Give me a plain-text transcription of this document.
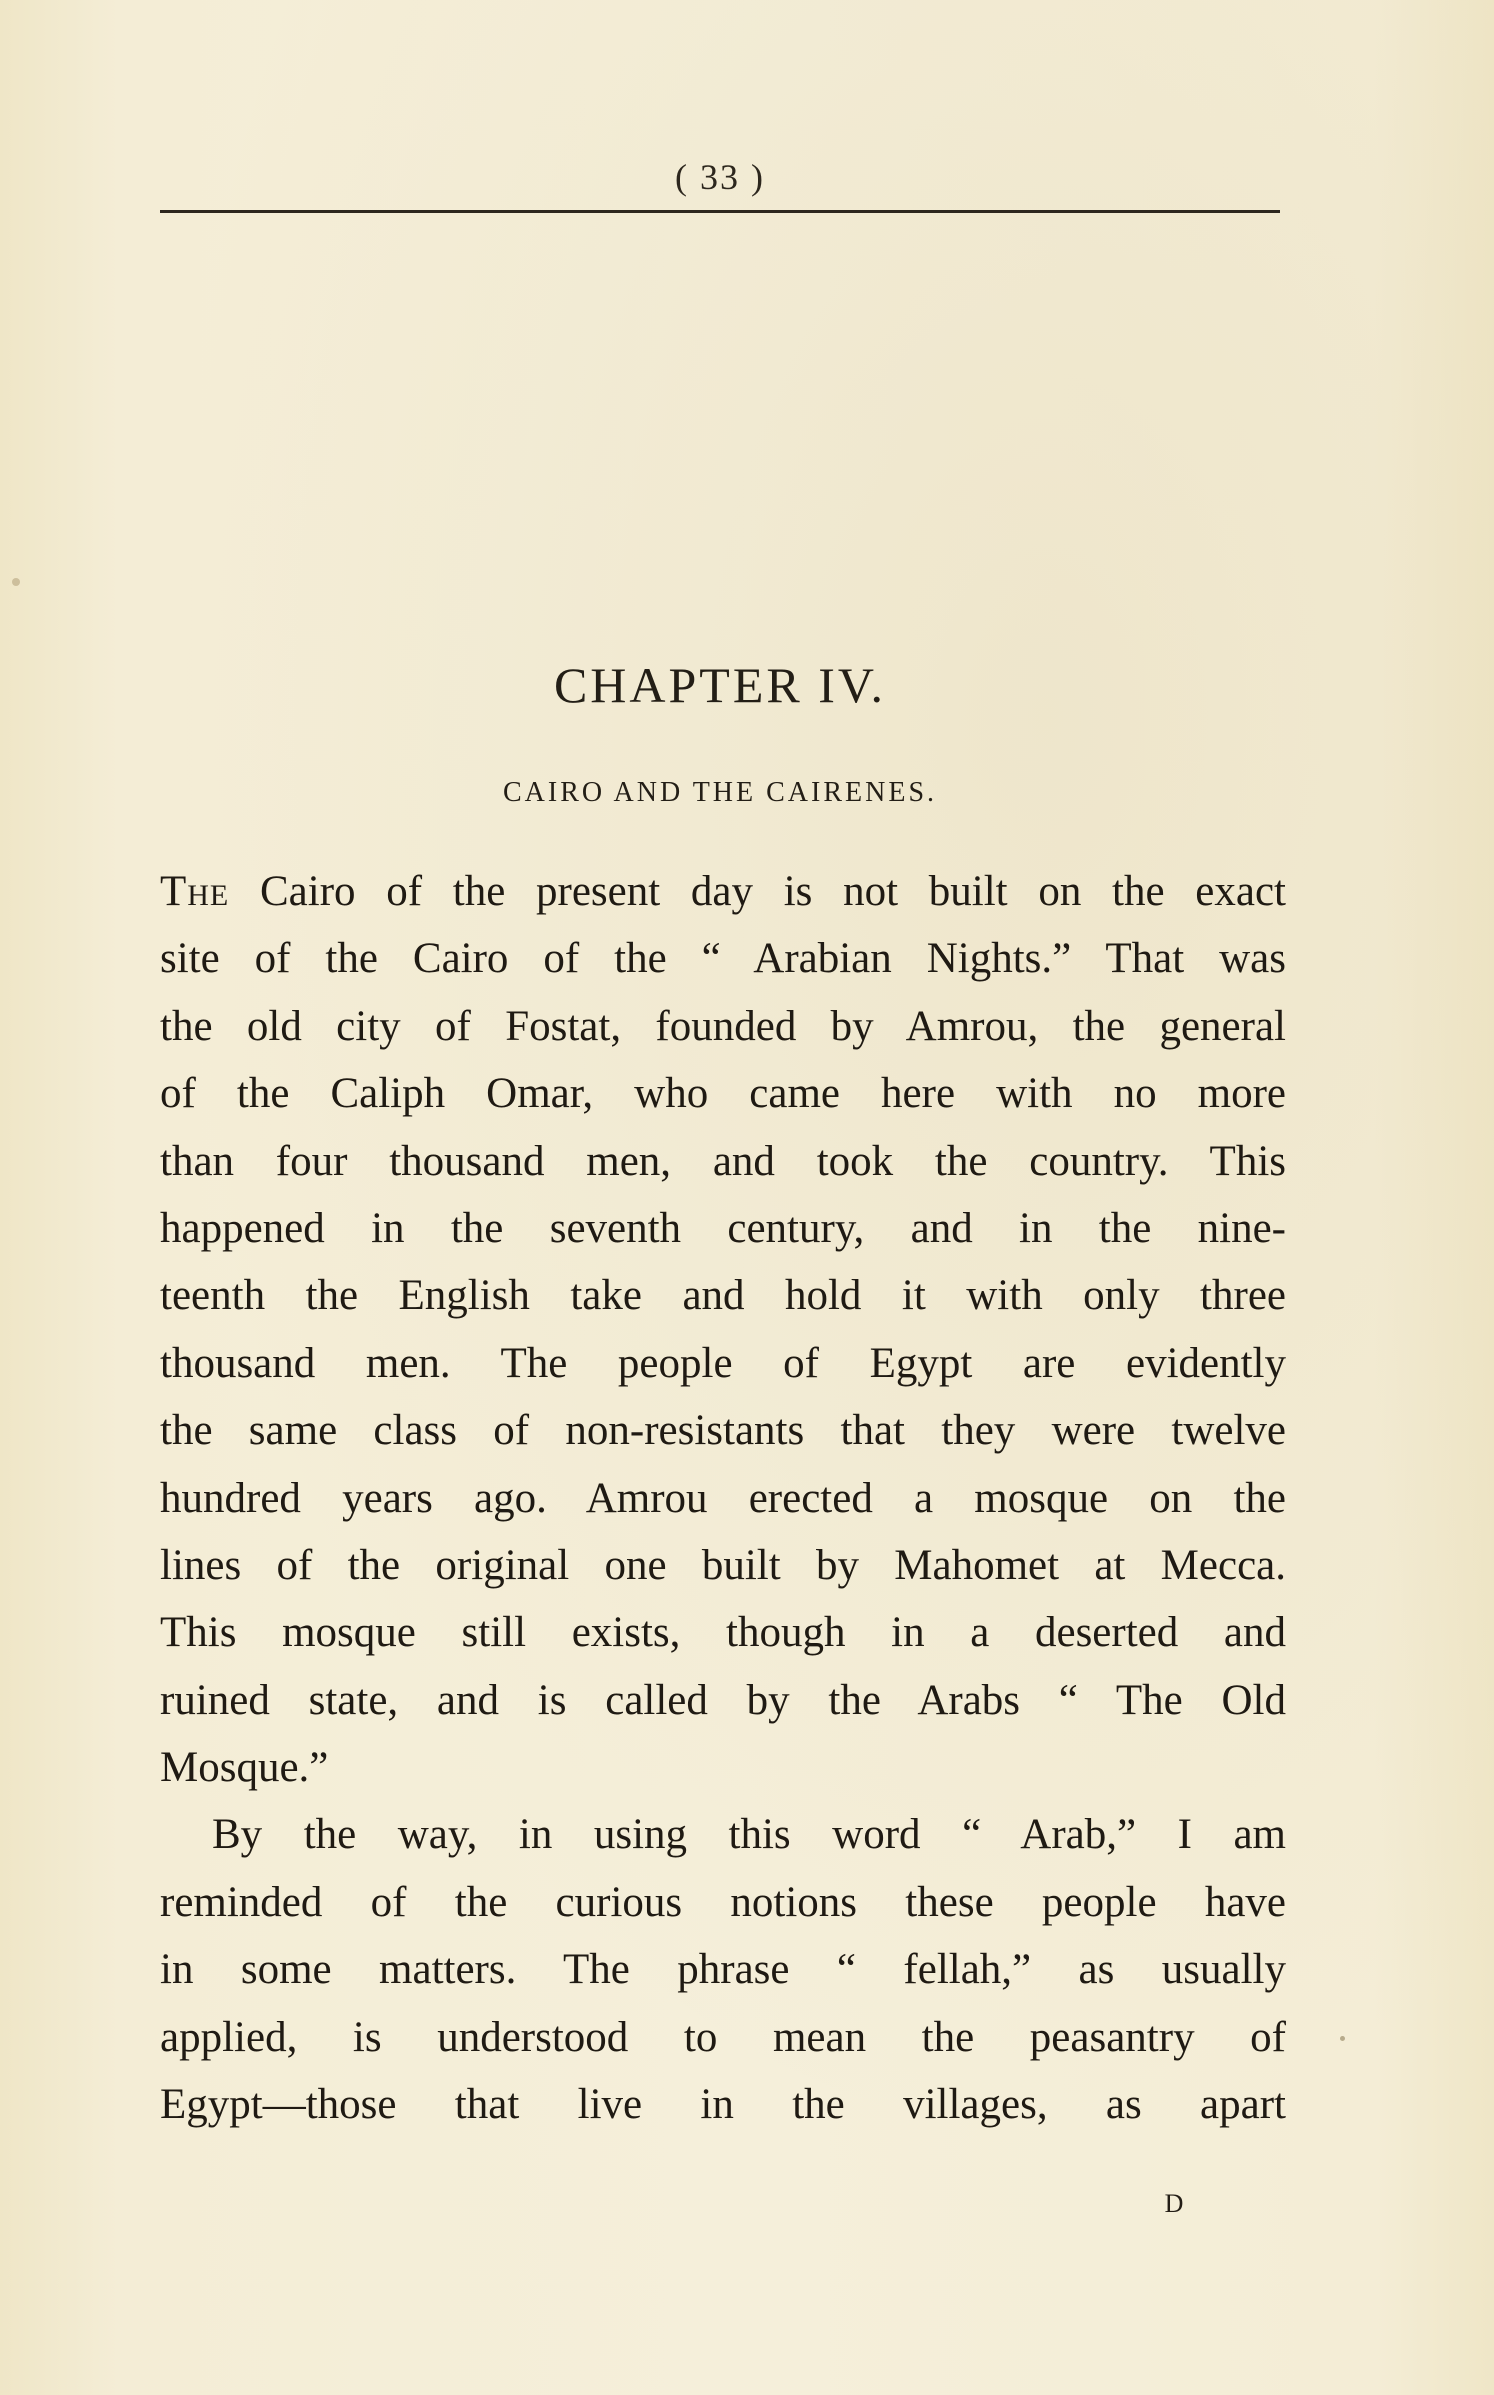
( 33 )
CHAPTER IV.
CAIRO AND THE CAIRENES.
The Cairo of the present day is not built on the exact
site of the Cairo of the “ Arabian Nights.” That was
the old city of Fostat, founded by Amrou, the general
of the Caliph Omar, who came here with no more
than four thousand men, and took the country. This
happened in the seventh century, and in the nine-
teenth the English take and hold it with only three
thousand men. The people of Egypt are evidently
the same class of non-resistants that they were twelve
hundred years ago. Amrou erected a mosque on the
lines of the original one built by Mahomet at Mecca.
This mosque still exists, though in a deserted and
ruined state, and is called by the Arabs “ The Old
Mosque.”
By the way, in using this word “ Arab,” I am
reminded of the curious notions these people have
in some matters. The phrase “ fellah,” as usually
applied, is understood to mean the peasantry of
Egypt—those that live in the villages, as apart
D
